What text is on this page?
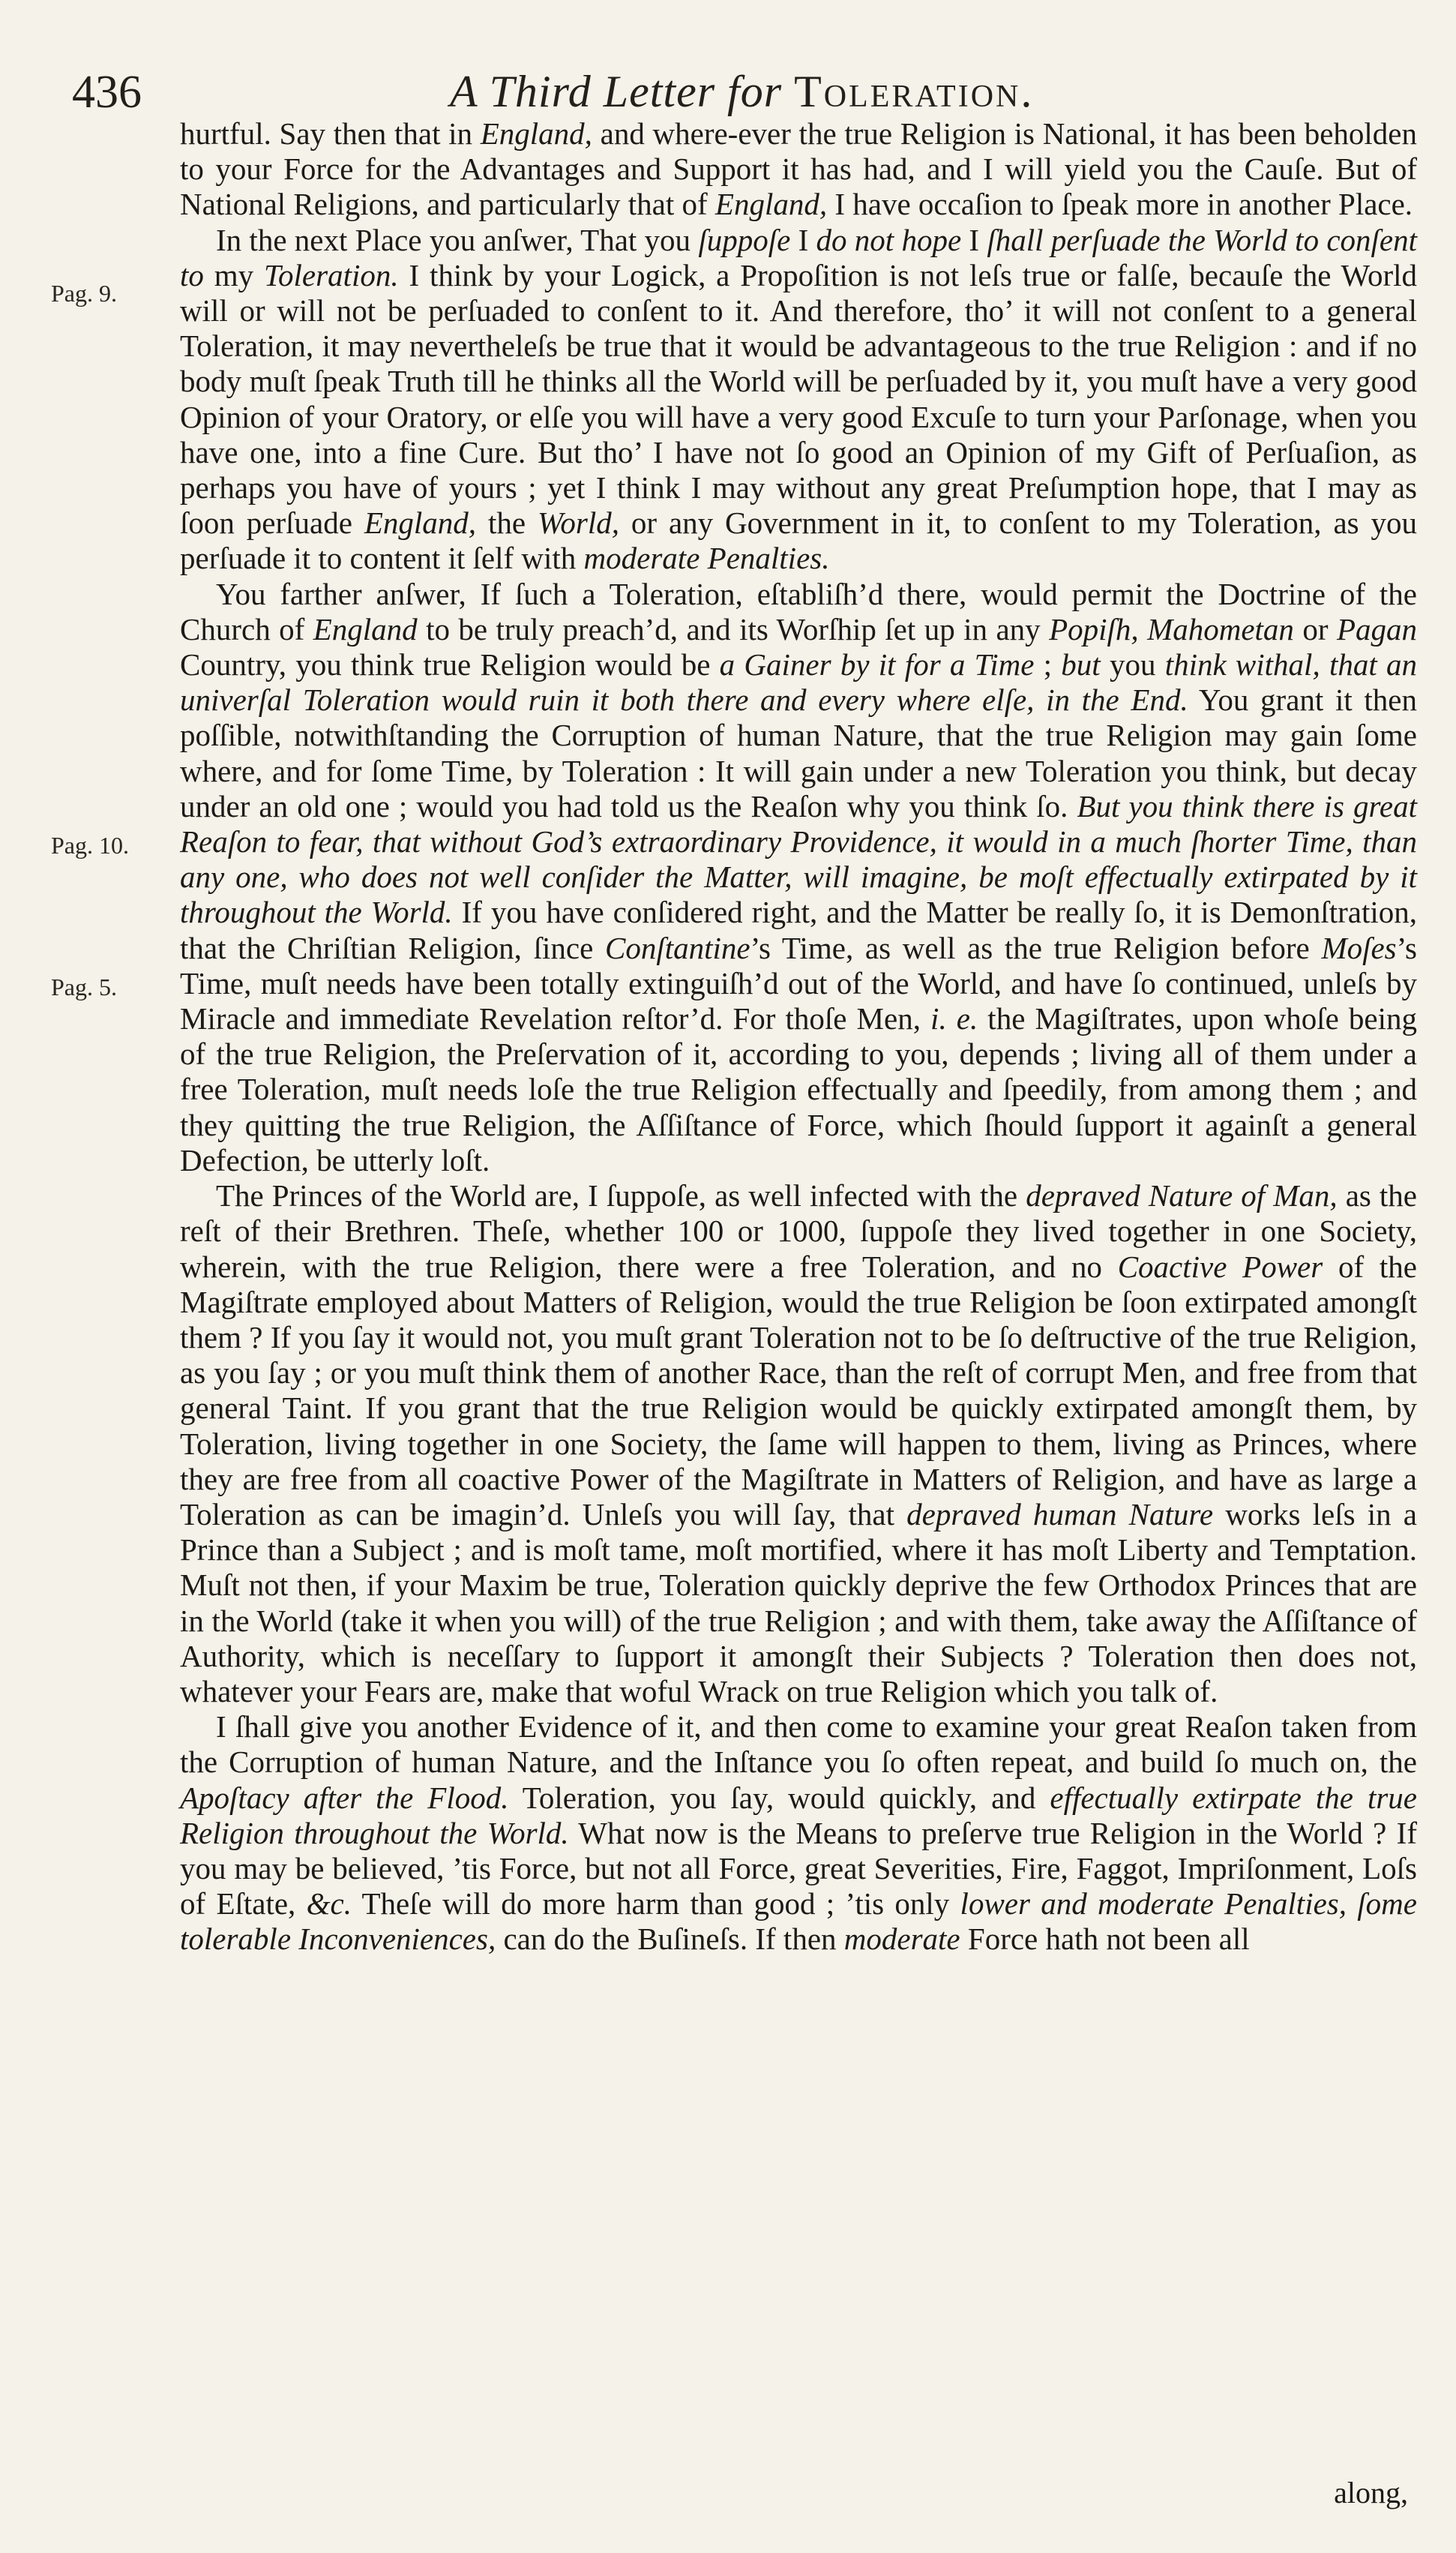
436	A Third Letter for Toleration.
Pag. 9.
Pag. 10.
Pag. 5.

hurtful. Say then that in England, and where-ever the true Religion is National, it has been beholden to your Force for the Advantages and Support it has had, and I will yield you the Cauſe. But of National Religions, and particularly that of England, I have occaſion to ſpeak more in another Place.

In the next Place you anſwer, That you ſuppoſe I do not hope I ſhall perſuade the World to conſent to my Toleration. I think by your Logick, a Propoſition is not leſs true or falſe, becauſe the World will or will not be perſuaded to conſent to it. And therefore, tho’ it will not conſent to a general Toleration, it may nevertheleſs be true that it would be advantageous to the true Religion : and if no body muſt ſpeak Truth till he thinks all the World will be perſuaded by it, you muſt have a very good Opinion of your Oratory, or elſe you will have a very good Excuſe to turn your Parſonage, when you have one, into a fine Cure. But tho’ I have not ſo good an Opinion of my Gift of Perſuaſion, as perhaps you have of yours ; yet I think I may without any great Preſumption hope, that I may as ſoon perſuade England, the World, or any Government in it, to conſent to my Toleration, as you perſuade it to content it ſelf with moderate Penalties.

You farther anſwer, If ſuch a Toleration, eſtabliſh’d there, would permit the Doctrine of the Church of England to be truly preach’d, and its Worſhip ſet up in any Popiſh, Mahometan or Pagan Country, you think true Religion would be a Gainer by it for a Time ; but you think withal, that an univerſal Toleration would ruin it both there and every where elſe, in the End. You grant it then poſſible, notwithſtanding the Corruption of human Nature, that the true Religion may gain ſome where, and for ſome Time, by Toleration : It will gain under a new Toleration you think, but decay under an old one ; would you had told us the Reaſon why you think ſo. But you think there is great Reaſon to fear, that without God’s extraordinary Providence, it would in a much ſhorter Time, than any one, who does not well conſider the Matter, will imagine, be moſt effectually extirpated by it throughout the World. If you have conſidered right, and the Matter be really ſo, it is Demonſtration, that the Chriſtian Religion, ſince Conſtantine’s Time, as well as the true Religion before Moſes’s Time, muſt needs have been totally extinguiſh’d out of the World, and have ſo continued, unleſs by Miracle and immediate Revelation reſtor’d. For thoſe Men, i. e. the Magiſtrates, upon whoſe being of the true Religion, the Preſervation of it, according to you, depends ; living all of them under a free Toleration, muſt needs loſe the true Religion effectually and ſpeedily, from among them ; and they quitting the true Religion, the Aſſiſtance of Force, which ſhould ſupport it againſt a general Defection, be utterly loſt.

The Princes of the World are, I ſuppoſe, as well infected with the depraved Nature of Man, as the reſt of their Brethren. Theſe, whether 100 or 1000, ſuppoſe they lived together in one Society, wherein, with the true Religion, there were a free Toleration, and no Coactive Power of the Magiſtrate employed about Matters of Religion, would the true Religion be ſoon extirpated amongſt them ? If you ſay it would not, you muſt grant Toleration not to be ſo deſtructive of the true Religion, as you ſay ; or you muſt think them of another Race, than the reſt of corrupt Men, and free from that general Taint. If you grant that the true Religion would be quickly extirpated amongſt them, by Toleration, living together in one Society, the ſame will happen to them, living as Princes, where they are free from all coactive Power of the Magiſtrate in Matters of Religion, and have as large a Toleration as can be imagin’d. Unleſs you will ſay, that depraved human Nature works leſs in a Prince than a Subject ; and is moſt tame, moſt mortified, where it has moſt Liberty and Temptation. Muſt not then, if your Maxim be true, Toleration quickly deprive the few Orthodox Princes that are in the World (take it when you will) of the true Religion ; and with them, take away the Aſſiſtance of Authority, which is neceſſary to ſupport it amongſt their Subjects ? Toleration then does not, whatever your Fears are, make that woful Wrack on true Religion which you talk of.

I ſhall give you another Evidence of it, and then come to examine your great Reaſon taken from the Corruption of human Nature, and the Inſtance you ſo often repeat, and build ſo much on, the Apoſtacy after the Flood. Toleration, you ſay, would quickly, and effectually extirpate the true Religion throughout the World. What now is the Means to preſerve true Religion in the World ? If you may be believed, ’tis Force, but not all Force, great Severities, Fire, Faggot, Impriſonment, Loſs of Eſtate, &c. Theſe will do more harm than good ; ’tis only lower and moderate Penalties, ſome tolerable Inconveniences, can do the Buſineſs. If then moderate Force hath not been all

along,
